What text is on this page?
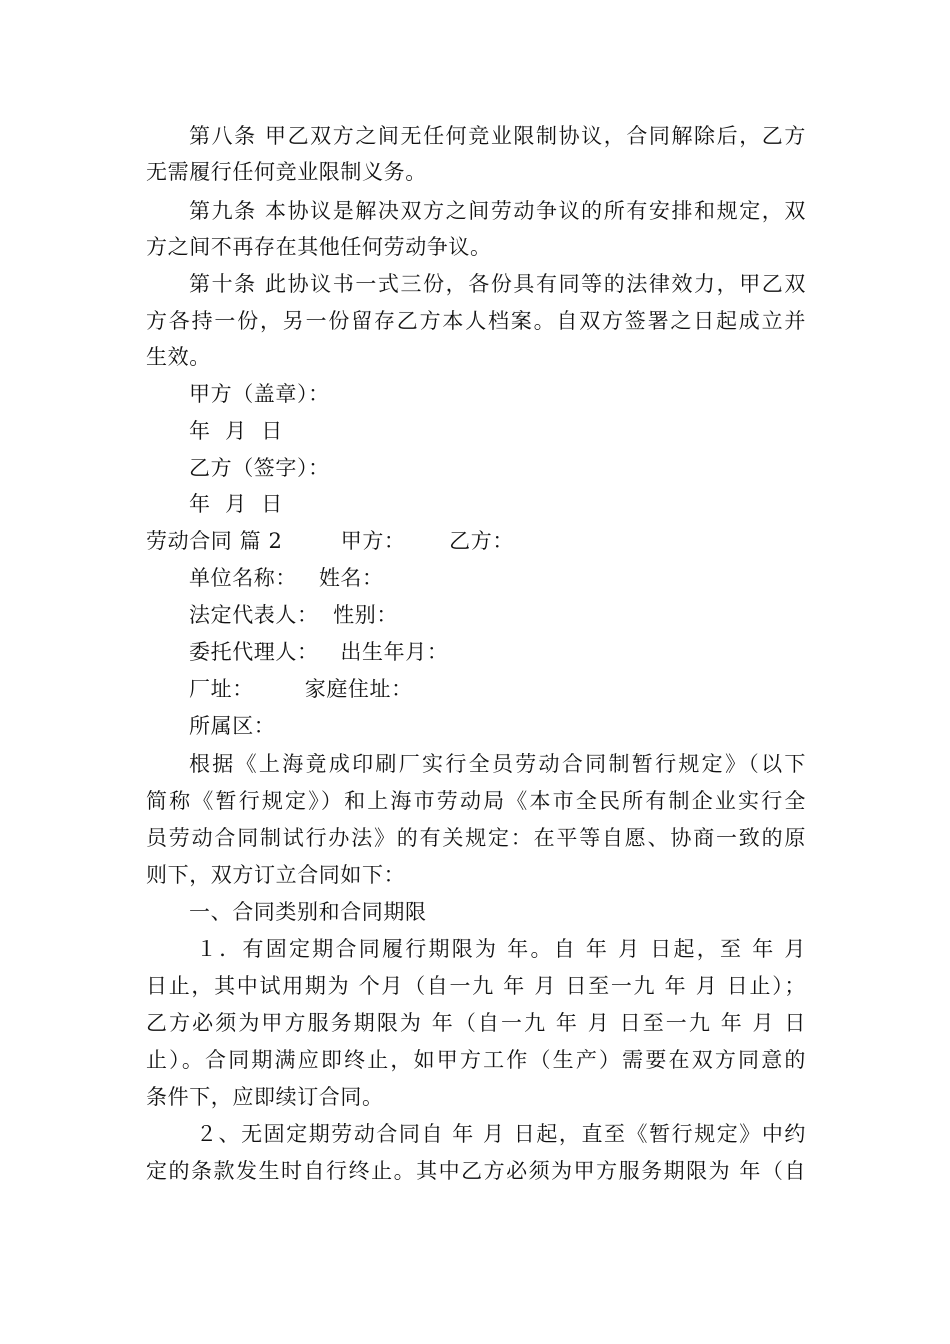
第八条 甲乙双方之间无任何竞业限制协议，合同解除后，乙方
无需履行任何竞业限制义务。
第九条 本协议是解决双方之间劳动争议的所有安排和规定，双
方之间不再存在其他任何劳动争议。
第十条 此协议书一式三份，各份具有同等的法律效力，甲乙双
方各持一份，另一份留存乙方本人档案。自双方签署之日起成立并
生效。
甲方（盖章）：
年  月  日
乙方（签字）：
年  月  日
劳动合同 篇 2        甲方：      乙方：
单位名称：   姓名：
法定代表人：  性别：
委托代理人：   出生年月：
厂址：       家庭住址：
所属区：
根据《上海竟成印刷厂实行全员劳动合同制暂行规定》（以下
简称《暂行规定》）和上海市劳动局《本市全民所有制企业实行全
员劳动合同制试行办法》的有关规定：在平等自愿、协商一致的原
则下，双方订立合同如下：
一、合同类别和合同期限
１．有固定期合同履行期限为 年。自 年 月 日起，至 年 月
日止，其中试用期为 个月（自一九 年 月 日至一九 年 月 日止）；
乙方必须为甲方服务期限为 年（自一九 年 月 日至一九 年 月 日
止）。合同期满应即终止，如甲方工作（生产）需要在双方同意的
条件下，应即续订合同。
２、无固定期劳动合同自 年 月 日起，直至《暂行规定》中约
定的条款发生时自行终止。其中乙方必须为甲方服务期限为 年（自
